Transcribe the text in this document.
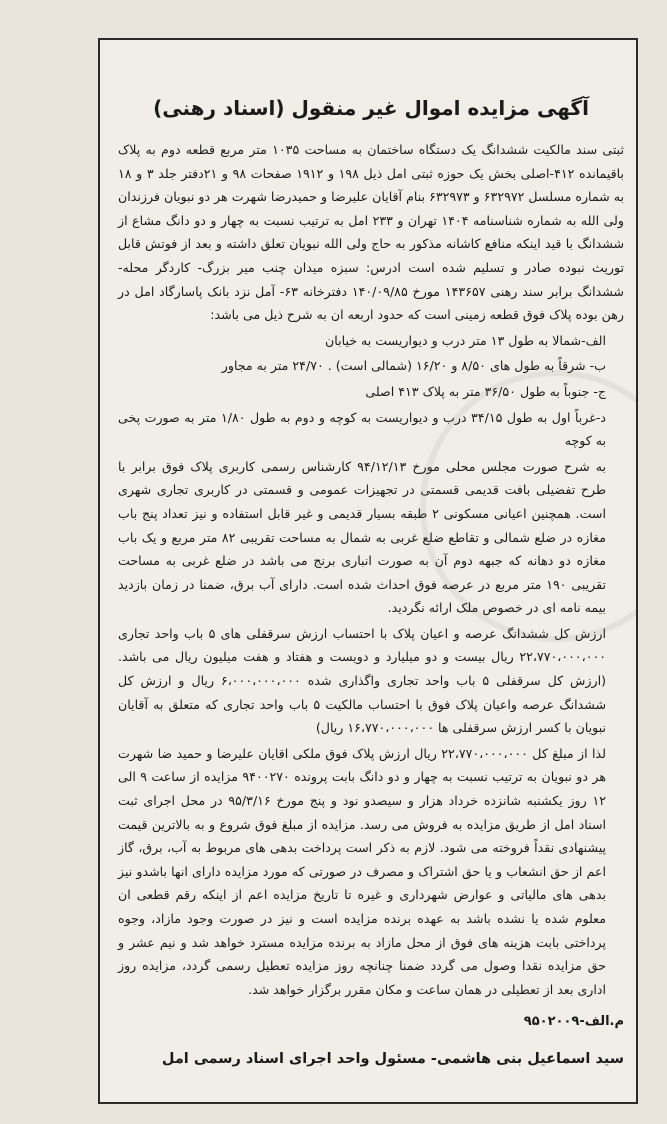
آگهی مزایده اموال غیر منقول (اسناد رهنی)

ثبتی سند مالکیت ششدانگ یک دستگاه ساختمان به مساحت ۱۰۳۵ متر مربع قطعه دوم به پلاک باقیمانده ۴۱۲-اصلی بخش یک حوزه ثبتی امل ذیل ۱۹۸ و ۱۹۱۲ صفحات ۹۸ و ۲۱دفتر جلد ۳ و ۱۸ به شماره مسلسل ۶۳۲۹۷۲ و ۶۳۲۹۷۳ بنام آقایان علیرضا و حمیدرضا شهرت هر دو نبویان فرزندان ولی الله به شماره شناسنامه ۱۴۰۴ تهران و ۲۳۳ امل به ترتیب نسبت به چهار و دو دانگ مشاع از ششدانگ با قید اینکه منافع کاشانه مذکور به حاج ولی الله نبویان تعلق داشته و بعد از فوتش قابل توریث نبوده صادر و تسلیم شده است ادرس: سبزه میدان چنب میر بزرگ- کاردگر محله- ششدانگ برابر سند رهنی ۱۴۳۶۵۷ مورخ ۱۴۰/۰۹/۸۵ دفترخانه ۶۳- آمل نزد بانک پاسارگاد امل در رهن بوده پلاک فوق قطعه زمینی است که حدود اربعه ان به شرح ذیل می باشد:

الف-شمالا به طول ۱۳ متر درب و دیواریست به خیابان

ب- شرقاً به طول های ۸/۵۰ و ۱۶/۲۰ (شمالی است) . ۲۴/۷۰ متر به مجاور

ج- جنوباً به طول ۳۶/۵۰ متر به پلاک ۴۱۳ اصلی

د-غرباً اول به طول ۳۴/۱۵ درب و دیواریست به کوچه و دوم به طول ۱/۸۰ متر به صورت پخی به کوچه

به شرح صورت مجلس محلی مورخ ۹۴/۱۲/۱۳ کارشناس رسمی کاربری پلاک فوق برابر با طرح تفضیلی بافت قدیمی قسمتی در تجهیزات عمومی و قسمتی در کاربری تجاری شهری است. همچنین اعیانی مسکونی ۲ طبقه بسیار قدیمی و غیر قابل استفاده و نیز تعداد پنج باب مغازه در ضلع شمالی و تقاطع ضلع غربی به شمال به مساحت تقریبی ۸۲ متر مربع و یک باب مغازه دو دهانه که جبهه دوم آن به صورت انباری برنج می باشد در ضلع غربی به مساحت تقریبی ۱۹۰ متر مربع در عرصه فوق احداث شده است. دارای آب برق، ضمنا در زمان بازدید بیمه نامه ای در خصوص ملک ارائه نگردید.

ارزش کل ششدانگ عرصه و اعیان پلاک با احتساب ارزش سرقفلی های ۵ باب واحد تجاری ۲۲،۷۷۰،۰۰۰،۰۰۰ ریال بیست و دو میلیارد و دویست و هفتاد و هفت میلیون ریال می باشد.(ارزش کل سرقفلی ۵ باب واحد تجاری واگذاری شده ۶،۰۰۰،۰۰۰،۰۰۰ ریال و ارزش کل ششدانگ عرصه واعیان پلاک فوق با احتساب مالکیت ۵ باب واحد تجاری که متعلق به آقایان نبویان با کسر ارزش سرقفلی ها ۱۶،۷۷۰،۰۰۰،۰۰۰ ریال)

لذا از مبلغ کل ۲۲،۷۷۰،۰۰۰،۰۰۰ ریال ارزش پلاک فوق ملکی اقایان علیرضا و حمید ضا شهرت هر دو نبویان به ترتیب نسبت به چهار و دو دانگ بابت پرونده ۹۴۰۰۲۷۰ مزایده از ساعت ۹ الی ۱۲ روز یکشنبه شانزده خرداد هزار و سیصدو نود و پنج مورخ ۹۵/۳/۱۶ در محل اجرای ثبت اسناد امل از طریق مزایده به فروش می رسد. مزایده از مبلغ فوق شروع و به بالاترین قیمت پیشنهادی نقداً فروخته می شود. لازم به ذکر است پرداخت بدهی های مربوط به آب، برق، گاز اعم از حق انشعاب و یا حق اشتراک و مصرف در صورتی که مورد مزایده دارای انها باشدو نیز بدهی های مالیاتی و عوارض شهرداری و غیره تا تاریخ مزایده اعم از اینکه رقم قطعی ان معلوم شده یا نشده باشد به عهده برنده مزایده است و نیز در صورت وجود مازاد، وجوه پرداختی بابت هزینه های فوق از محل مازاد به برنده مزایده مسترد خواهد شد و نیم عشر و حق مزایده نقدا وصول می گردد ضمنا چنانچه روز مزایده تعطیل رسمی گردد، مزایده روز اداری بعد از تعطیلی در همان ساعت و مکان مقرر برگزار خواهد شد.

م.الف-۹۵۰۲۰۰۹
سید اسماعیل بنی هاشمی- مسئول واحد اجرای اسناد رسمی امل
